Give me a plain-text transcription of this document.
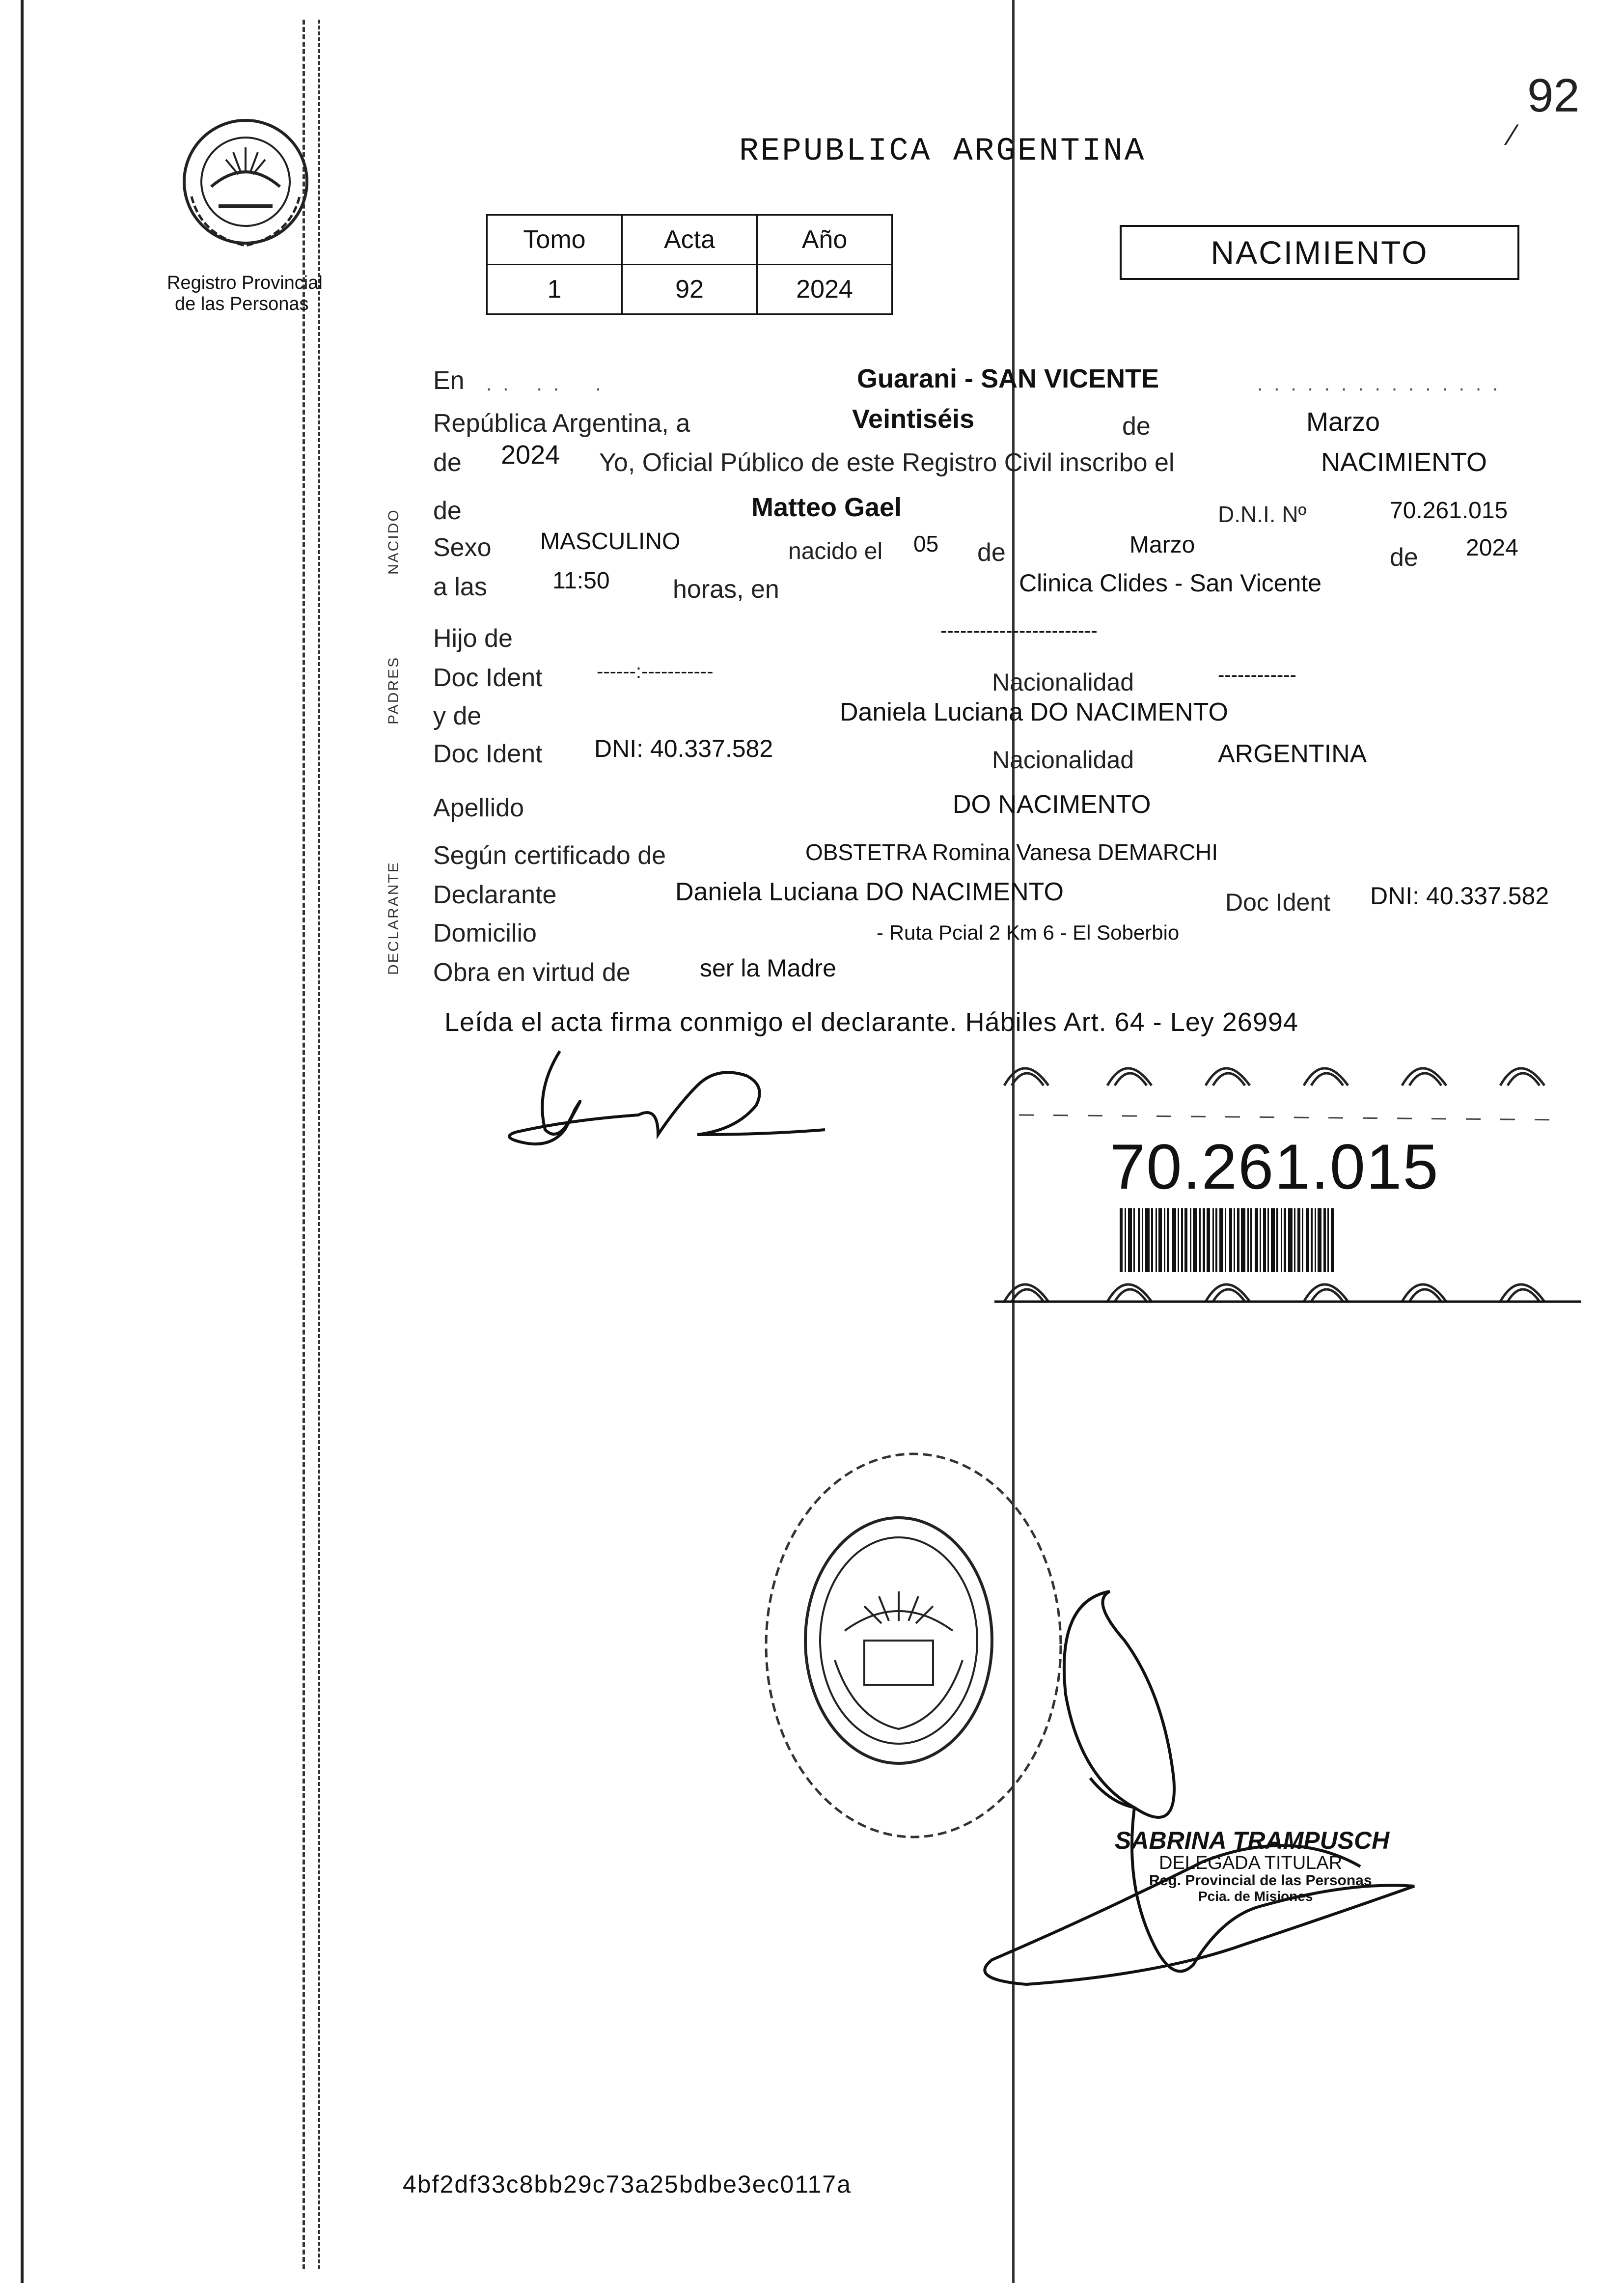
92
⁄
Registro Provincial
de las Personas
REPUBLICA ARGENTINA
Tomo	Acta	Año
1	92	2024
NACIMIENTO
NACIDO
PADRES
DECLARANTE
En . .   . .    .	Guarani - SAN VICENTE	. . . . . . . . . . . . . . .
República Argentina, a	Veintiséis	de	Marzo
de 2024 Yo, Oficial Público de este Registro Civil inscribo el	NACIMIENTO
de	Matteo Gael	D.N.I. Nº	70.261.015
Sexo MASCULINO	nacido el 05 de	Marzo	de 2024
a las	11:50 horas, en	Clinica Clides - San Vicente
Hijo de	------------------------
Doc Ident	------:-----------	Nacionalidad	------------
y de	Daniela Luciana DO NACIMENTO
Doc Ident DNI: 40.337.582	Nacionalidad	ARGENTINA
Apellido	DO NACIMENTO
Según certificado de	OBSTETRA Romina Vanesa DEMARCHI
Declarante	Daniela Luciana DO NACIMENTO	Doc Ident DNI: 40.337.582
Domicilio	- Ruta Pcial 2 Km 6 - El Soberbio
Obra en virtud de	ser la Madre
Leída el acta firma conmigo el declarante. Hábiles Art. 64 - Ley 26994
70.261.015
SABRINA TRAMPUSCH
DELEGADA TITULAR
Reg. Provincial de las Personas
Pcia. de Misiones
4bf2df33c8bb29c73a25bdbe3ec0117a
